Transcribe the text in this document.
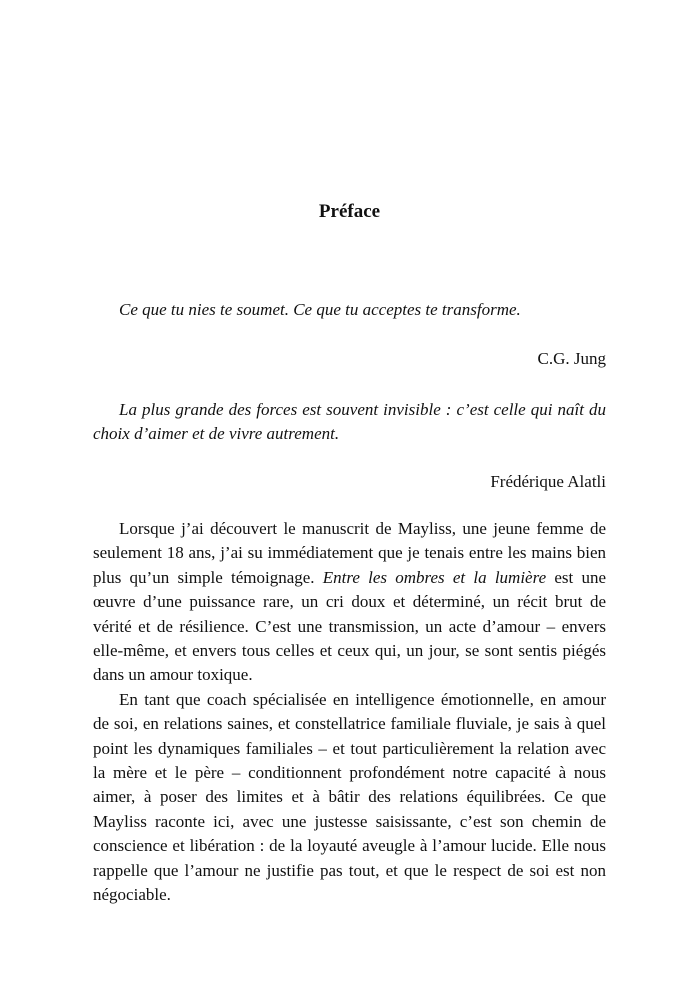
Préface

Ce que tu nies te soumet. Ce que tu acceptes te transforme.

C.G. Jung

La plus grande des forces est souvent invisible : c’est celle qui naît du choix d’aimer et de vivre autrement.

Frédérique Alatli

Lorsque j’ai découvert le manuscrit de Mayliss, une jeune femme de seulement 18 ans, j’ai su immédiatement que je tenais entre les mains bien plus qu’un simple témoignage. Entre les ombres et la lumière est une œuvre d’une puissance rare, un cri doux et déterminé, un récit brut de vérité et de résilience. C’est une transmission, un acte d’amour – envers elle-même, et envers tous celles et ceux qui, un jour, se sont sentis piégés dans un amour toxique.

En tant que coach spécialisée en intelligence émotionnelle, en amour de soi, en relations saines, et constellatrice familiale fluviale, je sais à quel point les dynamiques familiales – et tout particulièrement la relation avec la mère et le père – conditionnent profondément notre capacité à nous aimer, à poser des limites et à bâtir des relations équilibrées. Ce que Mayliss raconte ici, avec une justesse saisissante, c’est son chemin de conscience et libération : de la loyauté aveugle à l’amour lucide. Elle nous rappelle que l’amour ne justifie pas tout, et que le respect de soi est non négociable.
